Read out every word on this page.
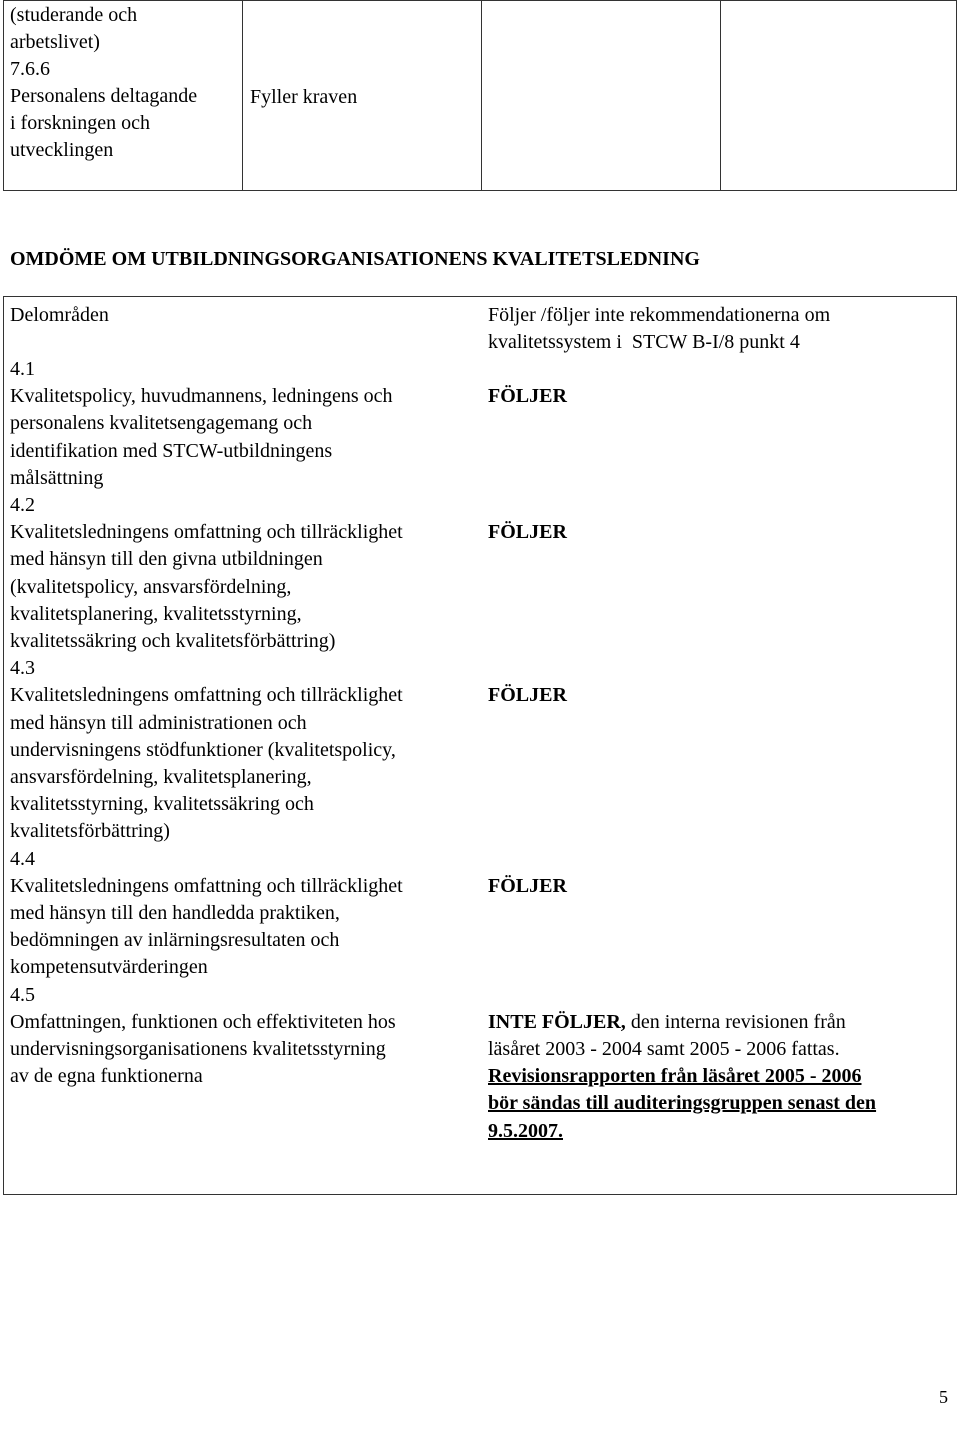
(studerande och
arbetslivet)
7.6.6
Personalens deltagande
i forskningen och
utvecklingen
Fyller kraven
OMDÖME OM UTBILDNINGSORGANISATIONENS KVALITETSLEDNING
Delområden	Följer /följer inte rekommendationerna om
kvalitetssystem i  STCW B-I/8 punkt 4
4.1
Kvalitetspolicy, huvudmannens, ledningens och
personalens kvalitetsengagemang och
identifikation med STCW-utbildningens
målsättning
FÖLJER
4.2
Kvalitetsledningens omfattning och tillräcklighet
med hänsyn till den givna utbildningen
(kvalitetspolicy, ansvarsfördelning,
kvalitetsplanering, kvalitetsstyrning,
kvalitetssäkring och kvalitetsförbättring)
FÖLJER
4.3
Kvalitetsledningens omfattning och tillräcklighet
med hänsyn till administrationen och
undervisningens stödfunktioner (kvalitetspolicy,
ansvarsfördelning, kvalitetsplanering,
kvalitetsstyrning, kvalitetssäkring och
kvalitetsförbättring)
FÖLJER
4.4
Kvalitetsledningens omfattning och tillräcklighet
med hänsyn till den handledda praktiken,
bedömningen av inlärningsresultaten och
kompetensutvärderingen
FÖLJER
4.5
Omfattningen, funktionen och effektiviteten hos
undervisningsorganisationens kvalitetsstyrning
av de egna funktionerna
INTE FÖLJER, den interna revisionen från
läsåret 2003 - 2004 samt 2005 - 2006 fattas.
Revisionsrapporten från läsåret 2005 - 2006
bör sändas till auditeringsgruppen senast den
9.5.2007.
5
